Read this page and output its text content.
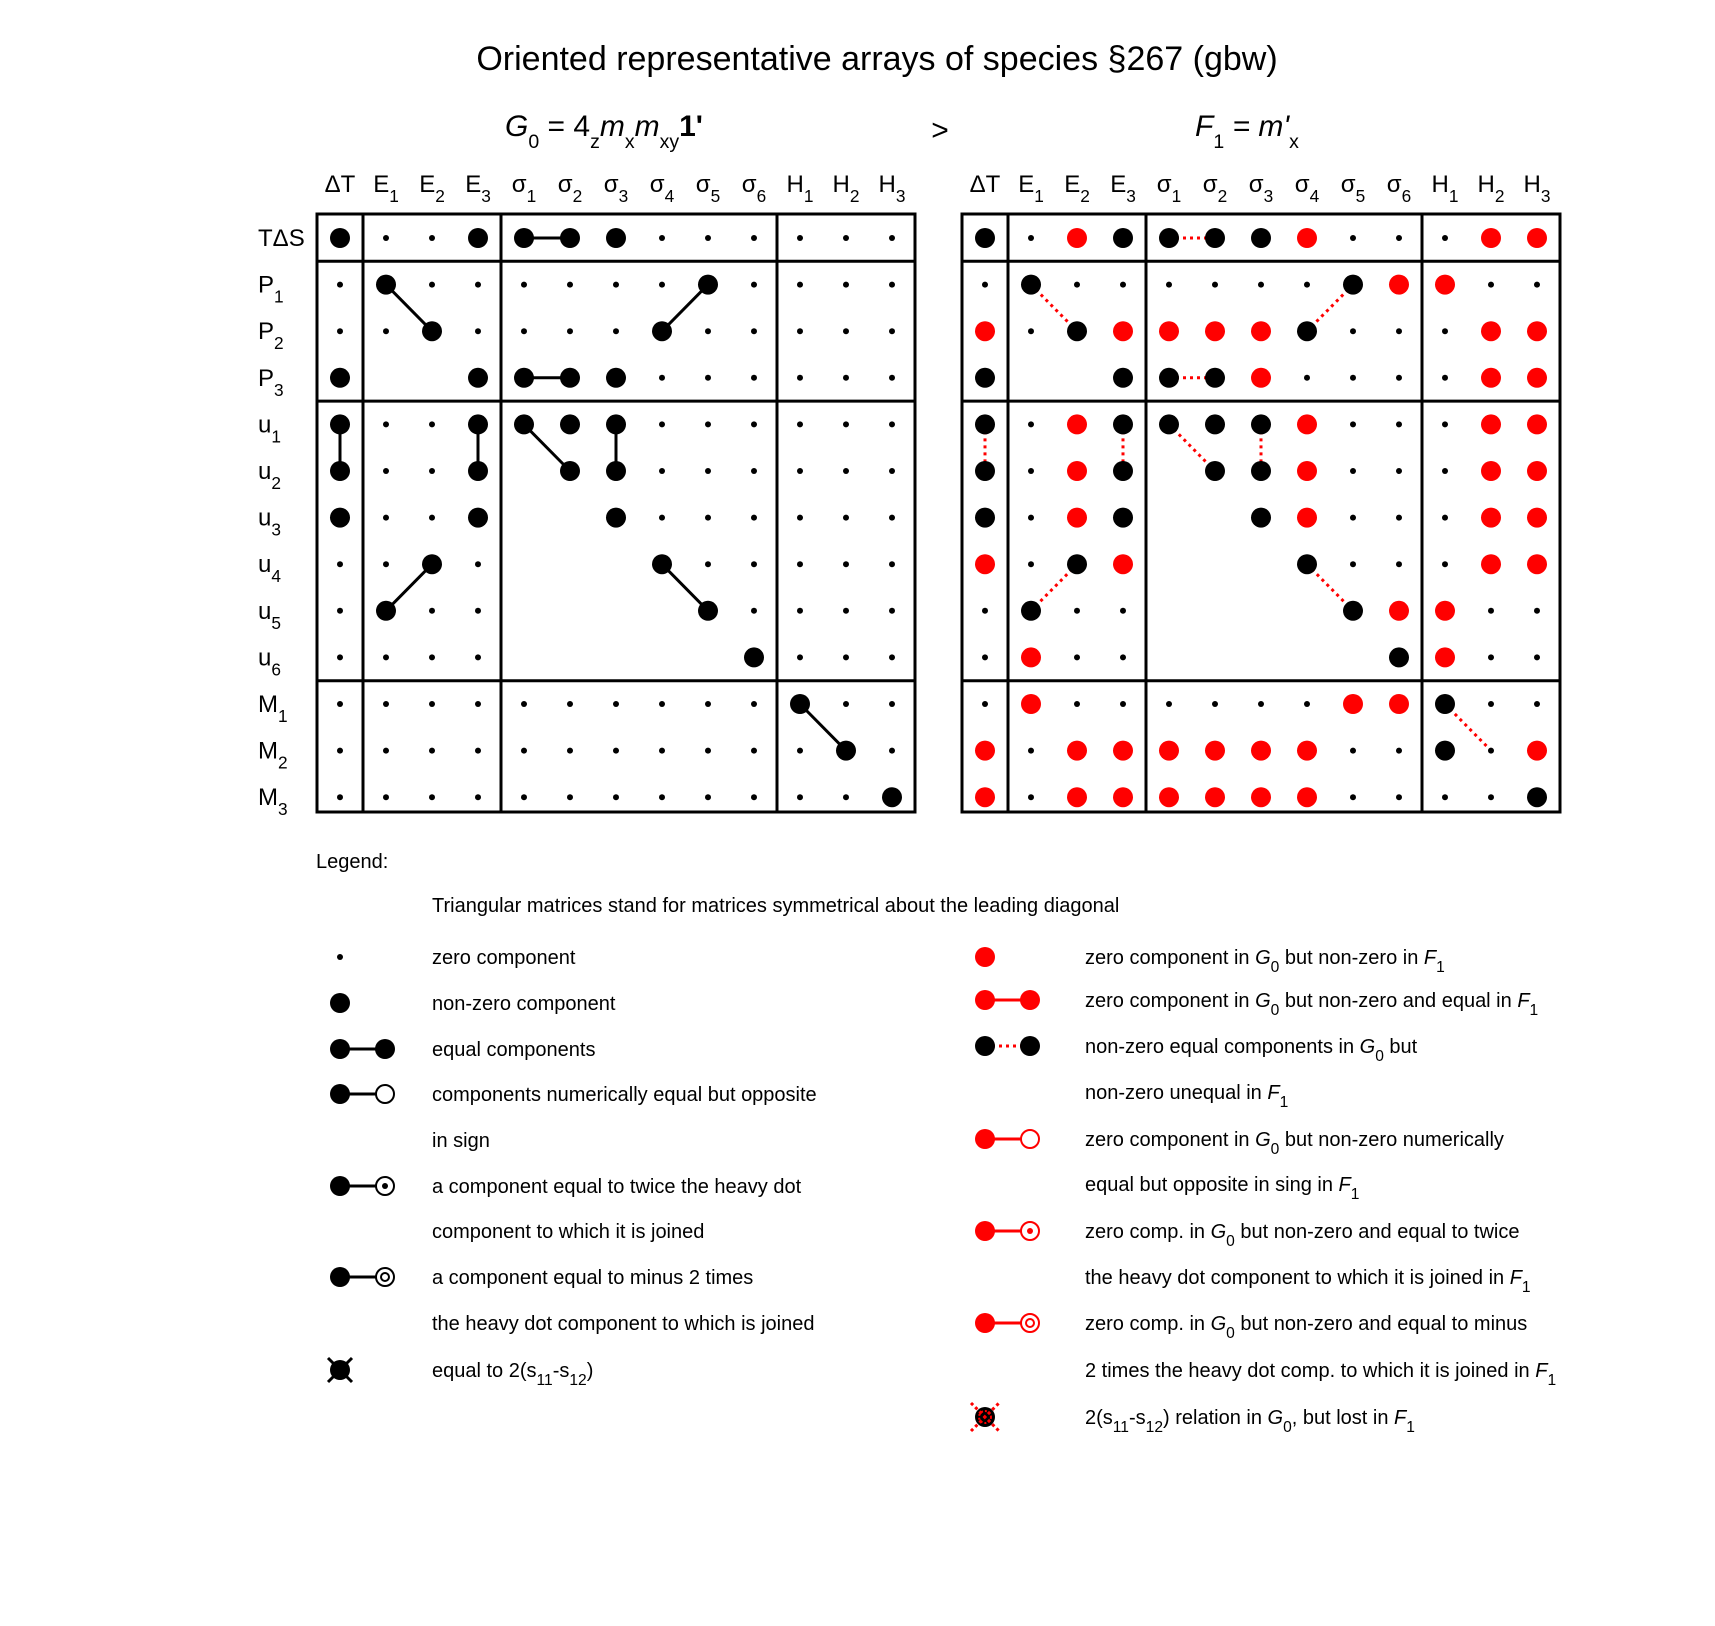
Oriented representative arrays of species §267 (gbw)
$G_0 = 4_zm_xm_{xy}1'$	>	$F_1 = m'_x$
ΔT $E_1$ $E_2$ $E_3$ $\sigma_1$ $\sigma_2$ $\sigma_3$ $\sigma_4$ $\sigma_5$ $\sigma_6$ $H_1$ $H_2$ $H_3$
TΔS
$P_1$
$P_2$
$P_3$
$u_1$
$u_2$
$u_3$
$u_4$
$u_5$
$u_6$
$M_1$
$M_2$
$M_3$
ΔT $E_1$ $E_2$ $E_3$ $\sigma_1$ $\sigma_2$ $\sigma_3$ $\sigma_4$ $\sigma_5$ $\sigma_6$ $H_1$ $H_2$ $H_3$
Legend:
Triangular matrices stand for matrices symmetrical about the leading diagonal
zero component
non-zero component
equal components
components numerically equal but opposite
in sign
a component equal to twice the heavy dot
component to which it is joined
a component equal to minus 2 times
the heavy dot component to which is joined
equal to $2(s_{11}-s_{12})$
zero component in $G_0$ but non-zero in $F_1$
zero component in $G_0$ but non-zero and equal in $F_1$
non-zero equal components in $G_0$ but
non-zero unequal in $F_1$
zero component in $G_0$ but non-zero numerically
equal but opposite in sing in $F_1$
zero comp. in $G_0$ but non-zero and equal to twice
the heavy dot component to which it is joined in $F_1$
zero comp. in $G_0$ but non-zero and equal to minus
2 times the heavy dot comp. to which it is joined in $F_1$
$2(s_{11}-s_{12})$ relation in $G_0$, but lost in $F_1$
